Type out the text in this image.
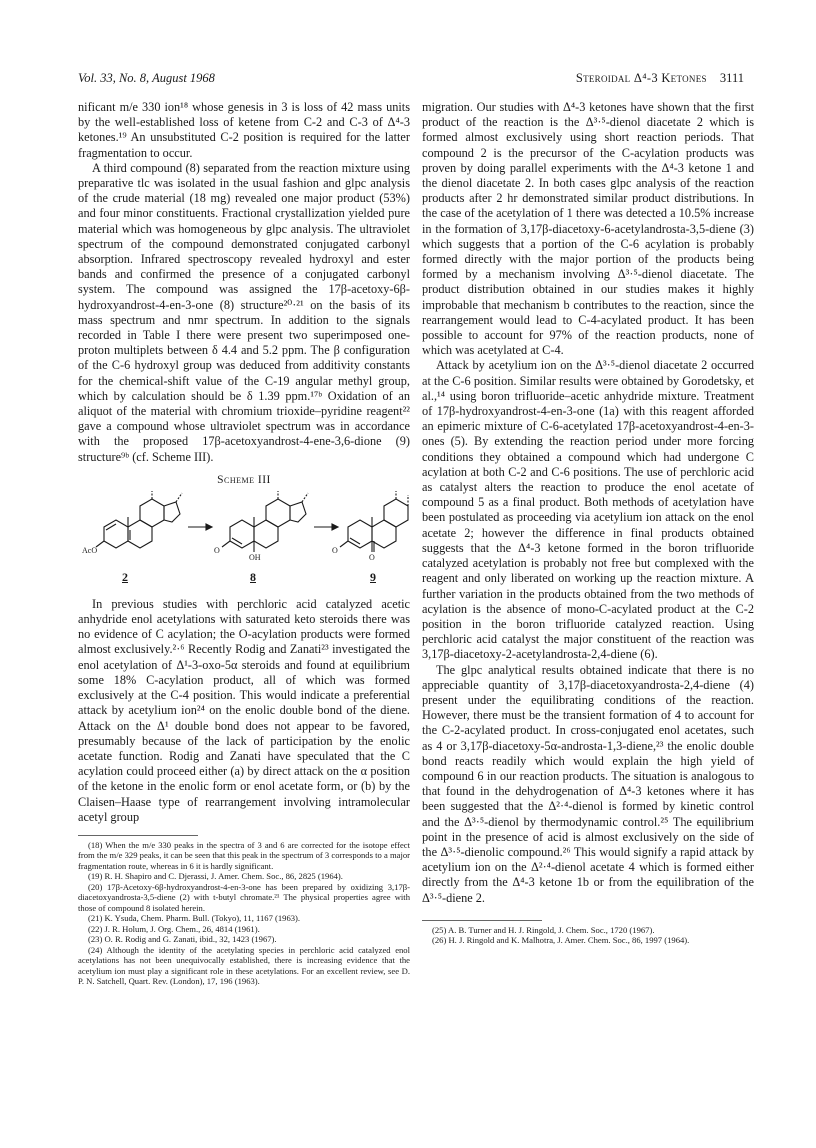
Vol. 33, No. 8, August 1968	Steroidal Δ⁴-3 Ketones 3111

nificant m/e 330 ion¹⁸ whose genesis in 3 is loss of 42 mass units by the well-established loss of ketene from C-2 and C-3 of Δ⁴-3 ketones.¹⁹ An unsubstituted C-2 position is required for the latter fragmentation to occur.

A third compound (8) separated from the reaction mixture using preparative tlc was isolated in the usual fashion and glpc analysis of the crude material (18 mg) revealed one major product (53%) and four minor constituents. Fractional crystallization yielded pure material which was homogeneous by glpc analysis. The ultraviolet spectrum of the compound demonstrated conjugated carbonyl absorption. Infrared spectroscopy revealed hydroxyl and ester bands and confirmed the presence of a conjugated carbonyl system. The compound was assigned the 17β-acetoxy-6β-hydroxyandrost-4-en-3-one (8) structure²⁰·²¹ on the basis of its mass spectrum and nmr spectrum. In addition to the signals recorded in Table I there were present two superimposed one-proton multiplets between δ 4.4 and 5.2 ppm. The β configuration of the C-6 hydroxyl group was deduced from additivity constants for the chemical-shift value of the C-19 angular methyl group, which by calculation should be δ 1.39 ppm.¹⁷ᵇ Oxidation of an aliquot of the material with chromium trioxide–pyridine reagent²² gave a compound whose ultraviolet spectrum was in accordance with the proposed 17β-acetoxyandrost-4-ene-3,6-dione (9) structure⁹ᵇ (cf. Scheme III).

Scheme III
AcO	O
OH
O
O
2	8	9

In previous studies with perchloric acid catalyzed acetic anhydride enol acetylations with saturated keto steroids there was no evidence of C acylation; the O-acylation products were formed almost exclusively.²·⁶ Recently Rodig and Zanati²³ investigated the enol acetylation of Δ¹-3-oxo-5α steroids and found at equilibrium some 18% C-acylation product, all of which was formed exclusively at the C-4 position. This would indicate a preferential attack by acetylium ion²⁴ on the enolic double bond of the diene. Attack on the Δ¹ double bond does not appear to be favored, presumably because of the lack of participation by the enolic acetate function. Rodig and Zanati have speculated that the C acylation could proceed either (a) by direct attack on the α position of the ketone in the enolic form or enol acetate form, or (b) by the Claisen–Haase type of rearrangement involving intramolecular acetyl group

(18) When the m/e 330 peaks in the spectra of 3 and 6 are corrected for the isotope effect from the m/e 329 peaks, it can be seen that this peak in the spectrum of 3 corresponds to a major fragmentation route, whereas in 6 it is hardly significant.

(19) R. H. Shapiro and C. Djerassi, J. Amer. Chem. Soc., 86, 2825 (1964).

(20) 17β-Acetoxy-6β-hydroxyandrost-4-en-3-one has been prepared by oxidizing 3,17β-diacetoxyandrosta-3,5-diene (2) with t-butyl chromate.²¹ The physical properties agree with those of compound 8 isolated herein.

(21) K. Ysuda, Chem. Pharm. Bull. (Tokyo), 11, 1167 (1963).

(22) J. R. Holum, J. Org. Chem., 26, 4814 (1961).

(23) O. R. Rodig and G. Zanati, ibid., 32, 1423 (1967).

(24) Although the identity of the acetylating species in perchloric acid catalyzed enol acetylations has not been unequivocally established, there is increasing evidence that the acetylium ion must play a significant role in these acetylations. For an excellent review, see D. P. N. Satchell, Quart. Rev. (London), 17, 196 (1963).

migration. Our studies with Δ⁴-3 ketones have shown that the first product of the reaction is the Δ³·⁵-dienol diacetate 2 which is formed almost exclusively using short reaction periods. That compound 2 is the precursor of the C-acylation products was proven by doing parallel experiments with the Δ⁴-3 ketone 1 and the dienol diacetate 2. In both cases glpc analysis of the reaction products after 2 hr demonstrated similar product distributions. In the case of the acetylation of 1 there was detected a 10.5% increase in the formation of 3,17β-diacetoxy-6-acetylandrosta-3,5-diene (3) which suggests that a portion of the C-6 acylation is probably formed directly with the major portion of the products being formed by a mechanism involving Δ³·⁵-dienol diacetate. The product distribution obtained in our studies makes it highly improbable that mechanism b contributes to the reaction, since the rearrangement would lead to C-4-acylated product. It has been possible to account for 97% of the reaction products, none of which was acetylated at C-4.

Attack by acetylium ion on the Δ³·⁵-dienol diacetate 2 occurred at the C-6 position. Similar results were obtained by Gorodetsky, et al.,¹⁴ using boron trifluoride–acetic anhydride mixture. Treatment of 17β-hydroxyandrost-4-en-3-one (1a) with this reagent afforded an epimeric mixture of C-6-acetylated 17β-acetoxyandrost-4-en-3-ones (5). By extending the reaction period under more forcing conditions they obtained a compound which had undergone C acylation at both C-2 and C-6 positions. The use of perchloric acid as catalyst alters the reaction to produce the enol acetate of compound 5 as a final product. Both methods of acetylation have been postulated as proceeding via acetylium ion attack on the enol acetate 2; however the difference in final products obtained suggests that the Δ⁴-3 ketone formed in the boron trifluoride catalyzed acetylation is probably not free but complexed with the reagent and only liberated on working up the reaction mixture. A further variation in the products obtained from the two methods of acylation is the absence of mono-C-acylated product at the C-2 position in the boron trifluoride catalyzed reaction. Using perchloric acid catalyst the major constituent of the reaction was 3,17β-diacetoxy-2-acetylandrosta-2,4-diene (6).

The glpc analytical results obtained indicate that there is no appreciable quantity of 3,17β-diacetoxyandrosta-2,4-diene (4) present under the equilibrating conditions of the reaction. However, there must be the transient formation of 4 to account for the C-2-acylated product. In cross-conjugated enol acetates, such as 4 or 3,17β-diacetoxy-5α-androsta-1,3-diene,²³ the enolic double bond reacts readily which would explain the high yield of compound 6 in our reaction products. The situation is analogous to that found in the dehydrogenation of Δ⁴-3 ketones where it has been suggested that the Δ²·⁴-dienol is formed by kinetic control and the Δ³·⁵-dienol by thermodynamic control.²⁵ The equilibrium point in the presence of acid is almost exclusively on the side of the Δ³·⁵-dienolic compound.²⁶ This would signify a rapid attack by acetylium ion on the Δ²·⁴-dienol acetate 4 which is formed either directly from the Δ⁴-3 ketone 1b or from the equilibration of the Δ³·⁵-diene 2.

(25) A. B. Turner and H. J. Ringold, J. Chem. Soc., 1720 (1967).

(26) H. J. Ringold and K. Malhotra, J. Amer. Chem. Soc., 86, 1997 (1964).
